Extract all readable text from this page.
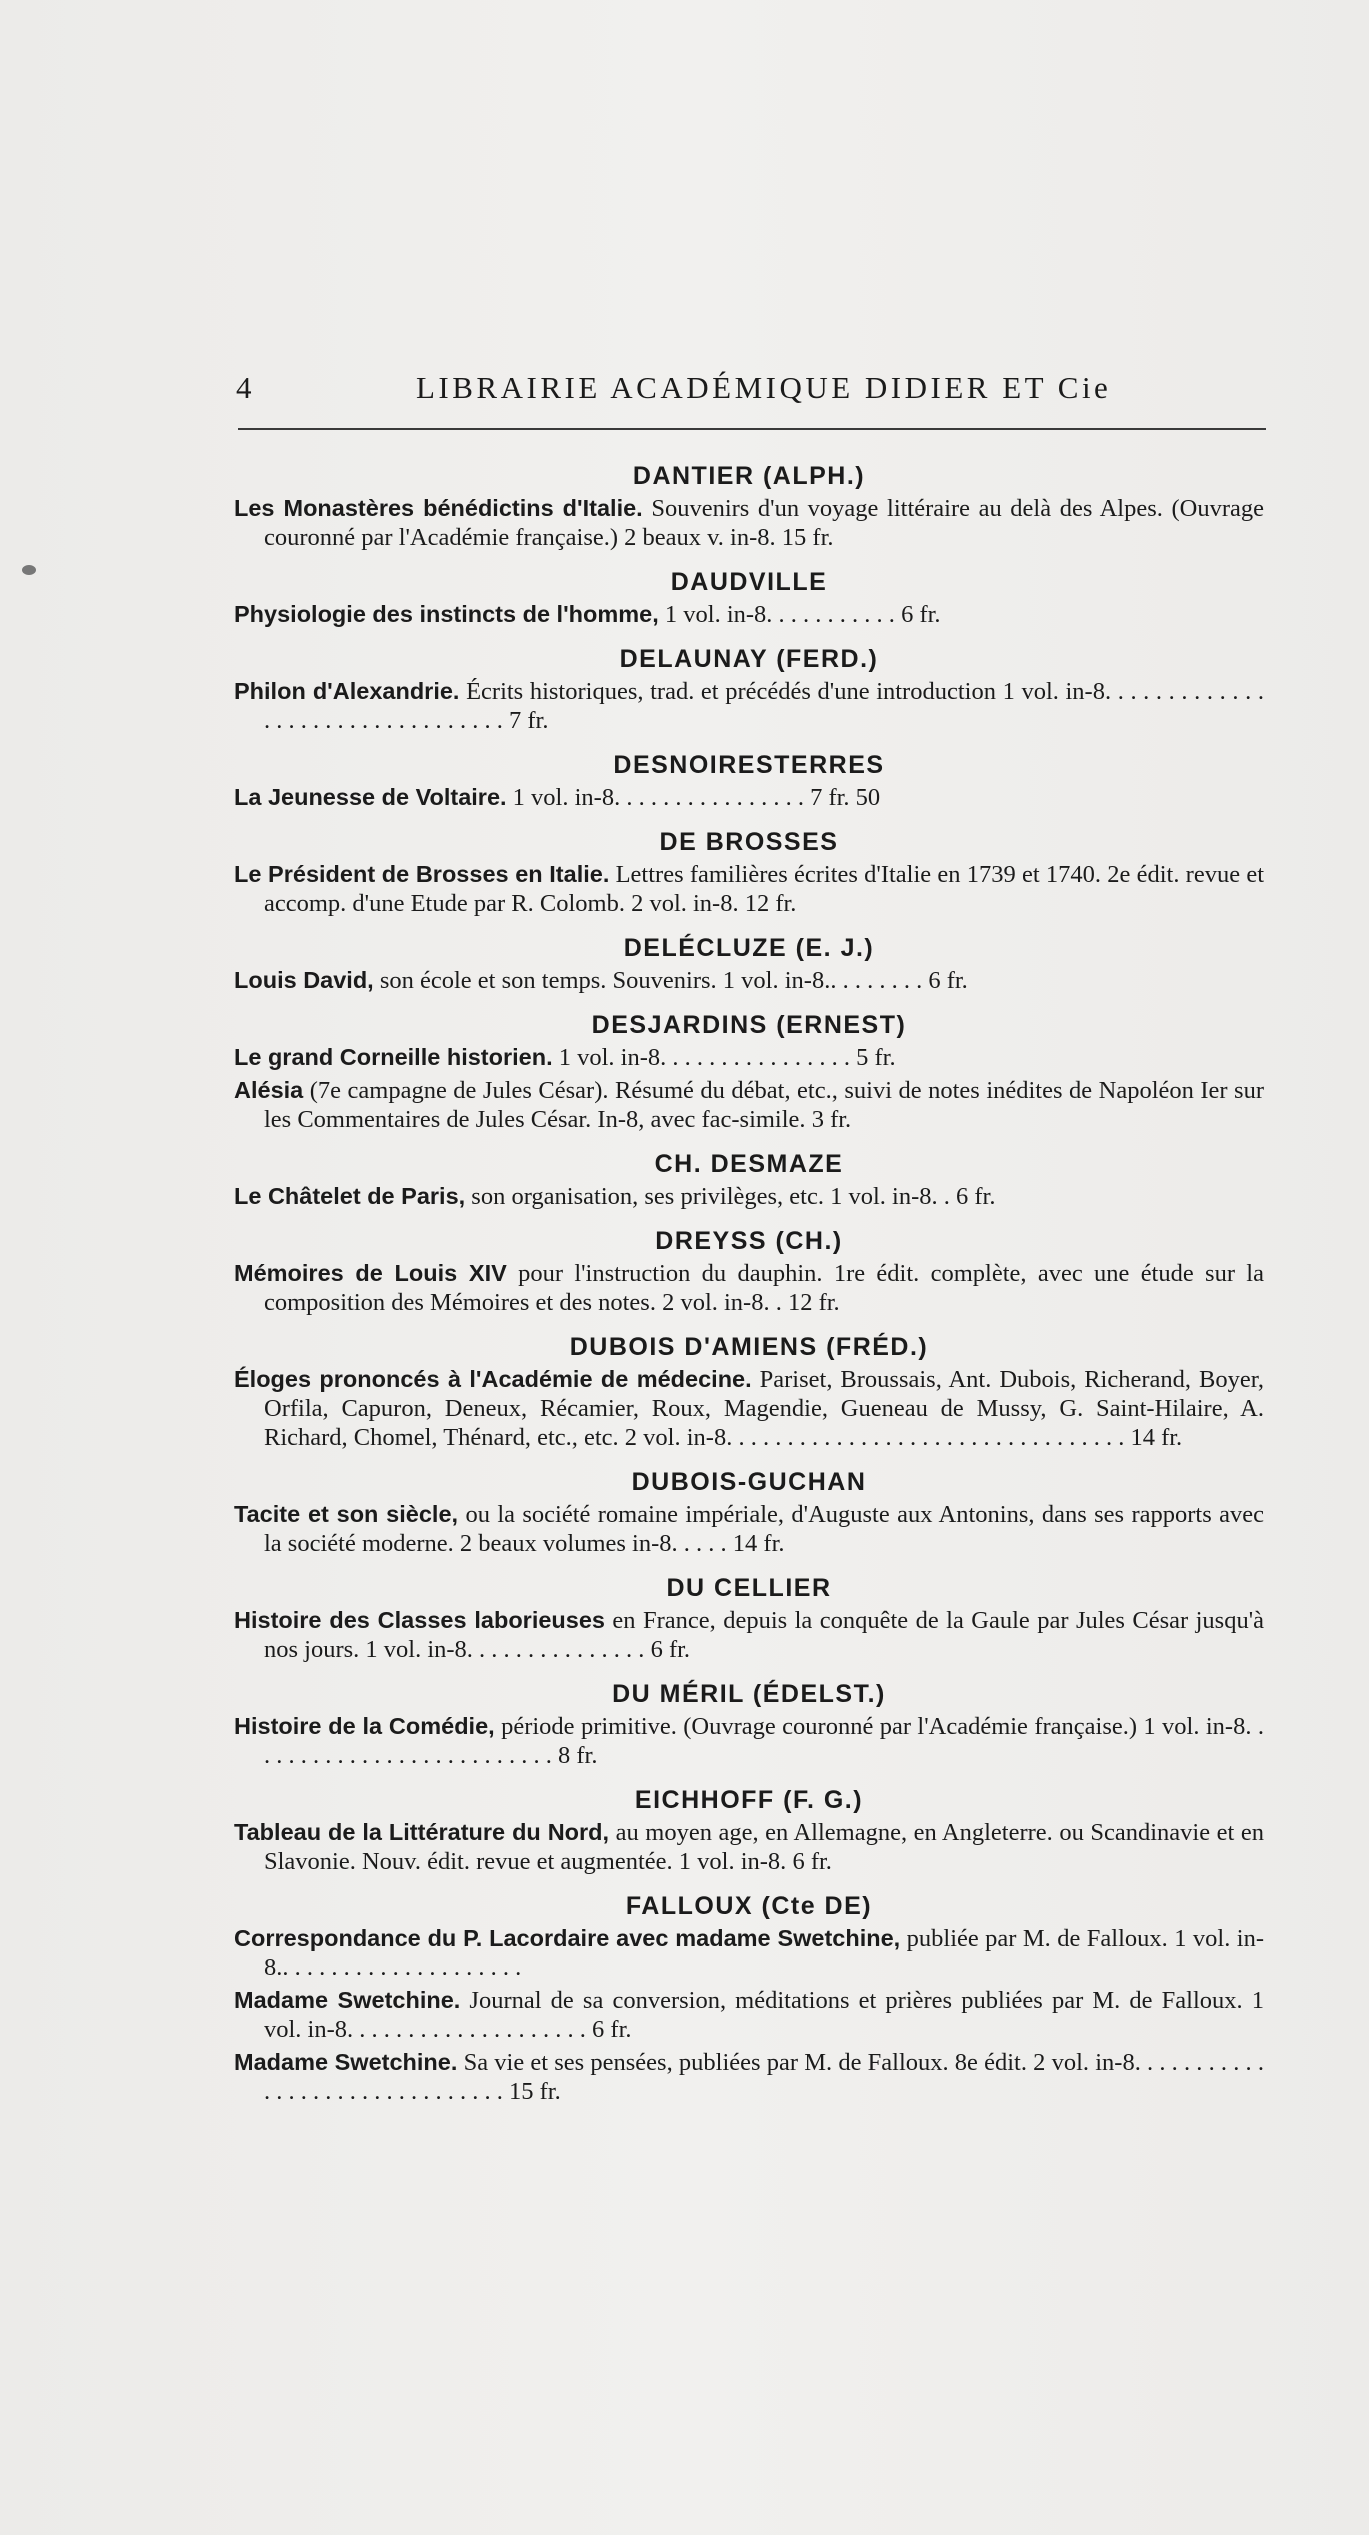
4	LIBRAIRIE ACADÉMIQUE DIDIER ET Cie

DANTIER (ALPH.)

Les Monastères bénédictins d'Italie. Souvenirs d'un voyage littéraire au delà des Alpes. (Ouvrage couronné par l'Académie française.) 2 beaux v. in-8. 15 fr.

DAUDVILLE

Physiologie des instincts de l'homme, 1 vol. in-8. . . . . . . . . . . 6 fr.

DELAUNAY (FERD.)

Philon d'Alexandrie. Écrits historiques, trad. et précédés d'une introduction 1 vol. in-8. . . . . . . . . . . . . . . . . . . . . . . . . . . . . . . . . 7 fr.

DESNOIRESTERRES

La Jeunesse de Voltaire. 1 vol. in-8. . . . . . . . . . . . . . . . 7 fr. 50

DE BROSSES

Le Président de Brosses en Italie. Lettres familières écrites d'Italie en 1739 et 1740. 2e édit. revue et accomp. d'une Etude par R. Colomb. 2 vol. in-8. 12 fr.

DELÉCLUZE (E. J.)

Louis David, son école et son temps. Souvenirs. 1 vol. in-8.. . . . . . . . 6 fr.

DESJARDINS (ERNEST)

Le grand Corneille historien. 1 vol. in-8. . . . . . . . . . . . . . . . 5 fr.

Alésia (7e campagne de Jules César). Résumé du débat, etc., suivi de notes inédites de Napoléon Ier sur les Commentaires de Jules César. In-8, avec fac-simile. 3 fr.

CH. DESMAZE

Le Châtelet de Paris, son organisation, ses privilèges, etc. 1 vol. in-8. . 6 fr.

DREYSS (CH.)

Mémoires de Louis XIV pour l'instruction du dauphin. 1re édit. complète, avec une étude sur la composition des Mémoires et des notes. 2 vol. in-8. . 12 fr.

DUBOIS D'AMIENS (FRÉD.)

Éloges prononcés à l'Académie de médecine. Pariset, Broussais, Ant. Dubois, Richerand, Boyer, Orfila, Capuron, Deneux, Récamier, Roux, Magendie, Gueneau de Mussy, G. Saint-Hilaire, A. Richard, Chomel, Thénard, etc., etc. 2 vol. in-8. . . . . . . . . . . . . . . . . . . . . . . . . . . . . . . . . 14 fr.

DUBOIS-GUCHAN

Tacite et son siècle, ou la société romaine impériale, d'Auguste aux Antonins, dans ses rapports avec la société moderne. 2 beaux volumes in-8. . . . . 14 fr.

DU CELLIER

Histoire des Classes laborieuses en France, depuis la conquête de la Gaule par Jules César jusqu'à nos jours. 1 vol. in-8. . . . . . . . . . . . . . . 6 fr.

DU MÉRIL (ÉDELST.)

Histoire de la Comédie, période primitive. (Ouvrage couronné par l'Académie française.) 1 vol. in-8. . . . . . . . . . . . . . . . . . . . . . . . . . 8 fr.

EICHHOFF (F. G.)

Tableau de la Littérature du Nord, au moyen age, en Allemagne, en Angleterre. ou Scandinavie et en Slavonie. Nouv. édit. revue et augmentée. 1 vol. in-8. 6 fr.

FALLOUX (Cte DE)

Correspondance du P. Lacordaire avec madame Swetchine, publiée par M. de Falloux. 1 vol. in-8.. . . . . . . . . . . . . . . . . . . .

Madame Swetchine. Journal de sa conversion, méditations et prières publiées par M. de Falloux. 1 vol. in-8. . . . . . . . . . . . . . . . . . . . 6 fr.

Madame Swetchine. Sa vie et ses pensées, publiées par M. de Falloux. 8e édit. 2 vol. in-8. . . . . . . . . . . . . . . . . . . . . . . . . . . . . . . 15 fr.
